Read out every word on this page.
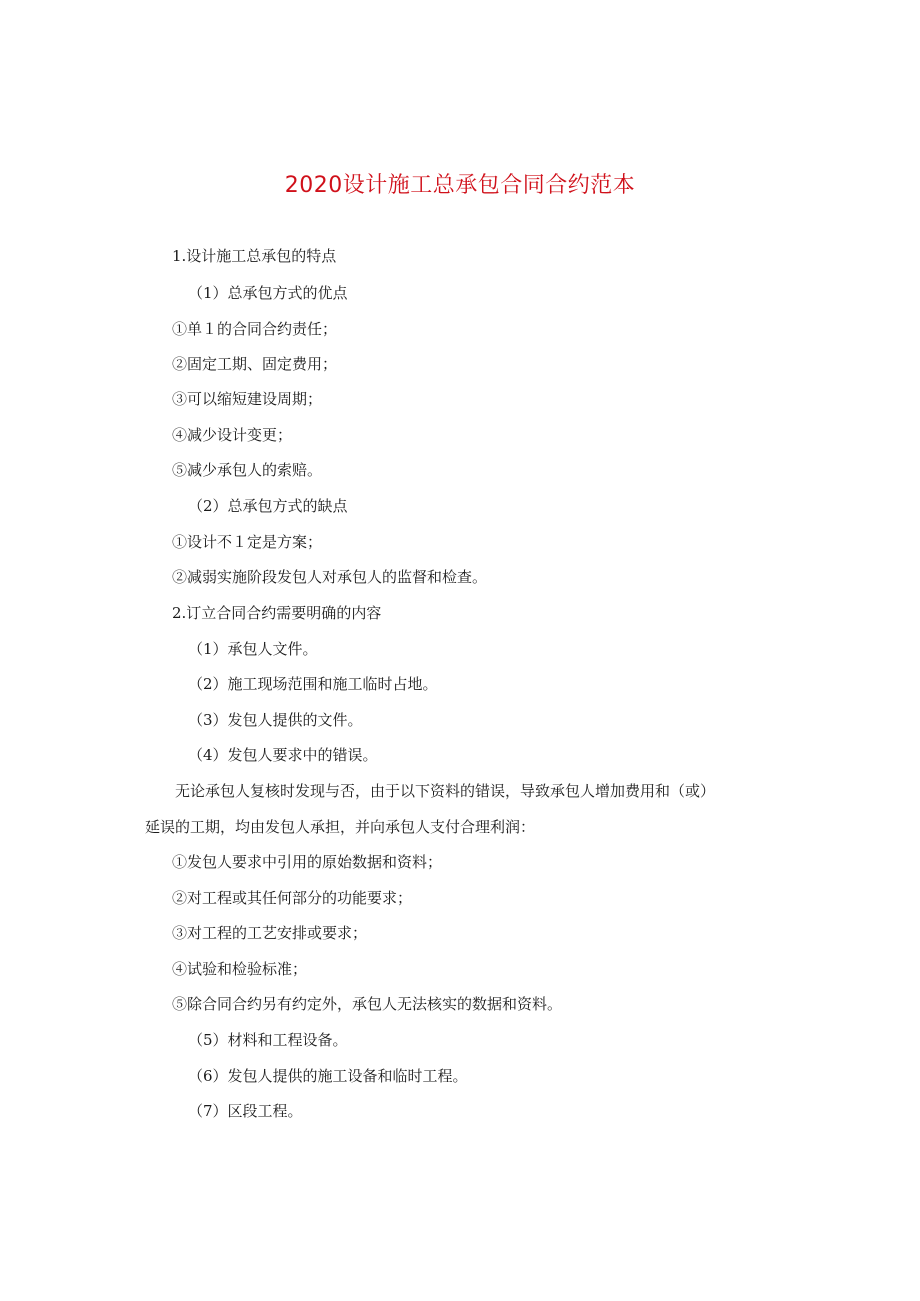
2020设计施工总承包合同合约范本
1.设计施工总承包的特点
（1）总承包方式的优点
①单１的合同合约责任；
②固定工期、固定费用；
③可以缩短建设周期；
④减少设计变更；
⑤减少承包人的索赔。
（2）总承包方式的缺点
①设计不１定是方案；
②减弱实施阶段发包人对承包人的监督和检查。
2.订立合同合约需要明确的内容
（1）承包人文件。
（2）施工现场范围和施工临时占地。
（3）发包人提供的文件。
（4）发包人要求中的错误。
无论承包人复核时发现与否，由于以下资料的错误，导致承包人增加费用和（或）
延误的工期，均由发包人承担，并向承包人支付合理利润：
①发包人要求中引用的原始数据和资料；
②对工程或其任何部分的功能要求；
③对工程的工艺安排或要求；
④试验和检验标准；
⑤除合同合约另有约定外，承包人无法核实的数据和资料。
（5）材料和工程设备。
（6）发包人提供的施工设备和临时工程。
（7）区段工程。
